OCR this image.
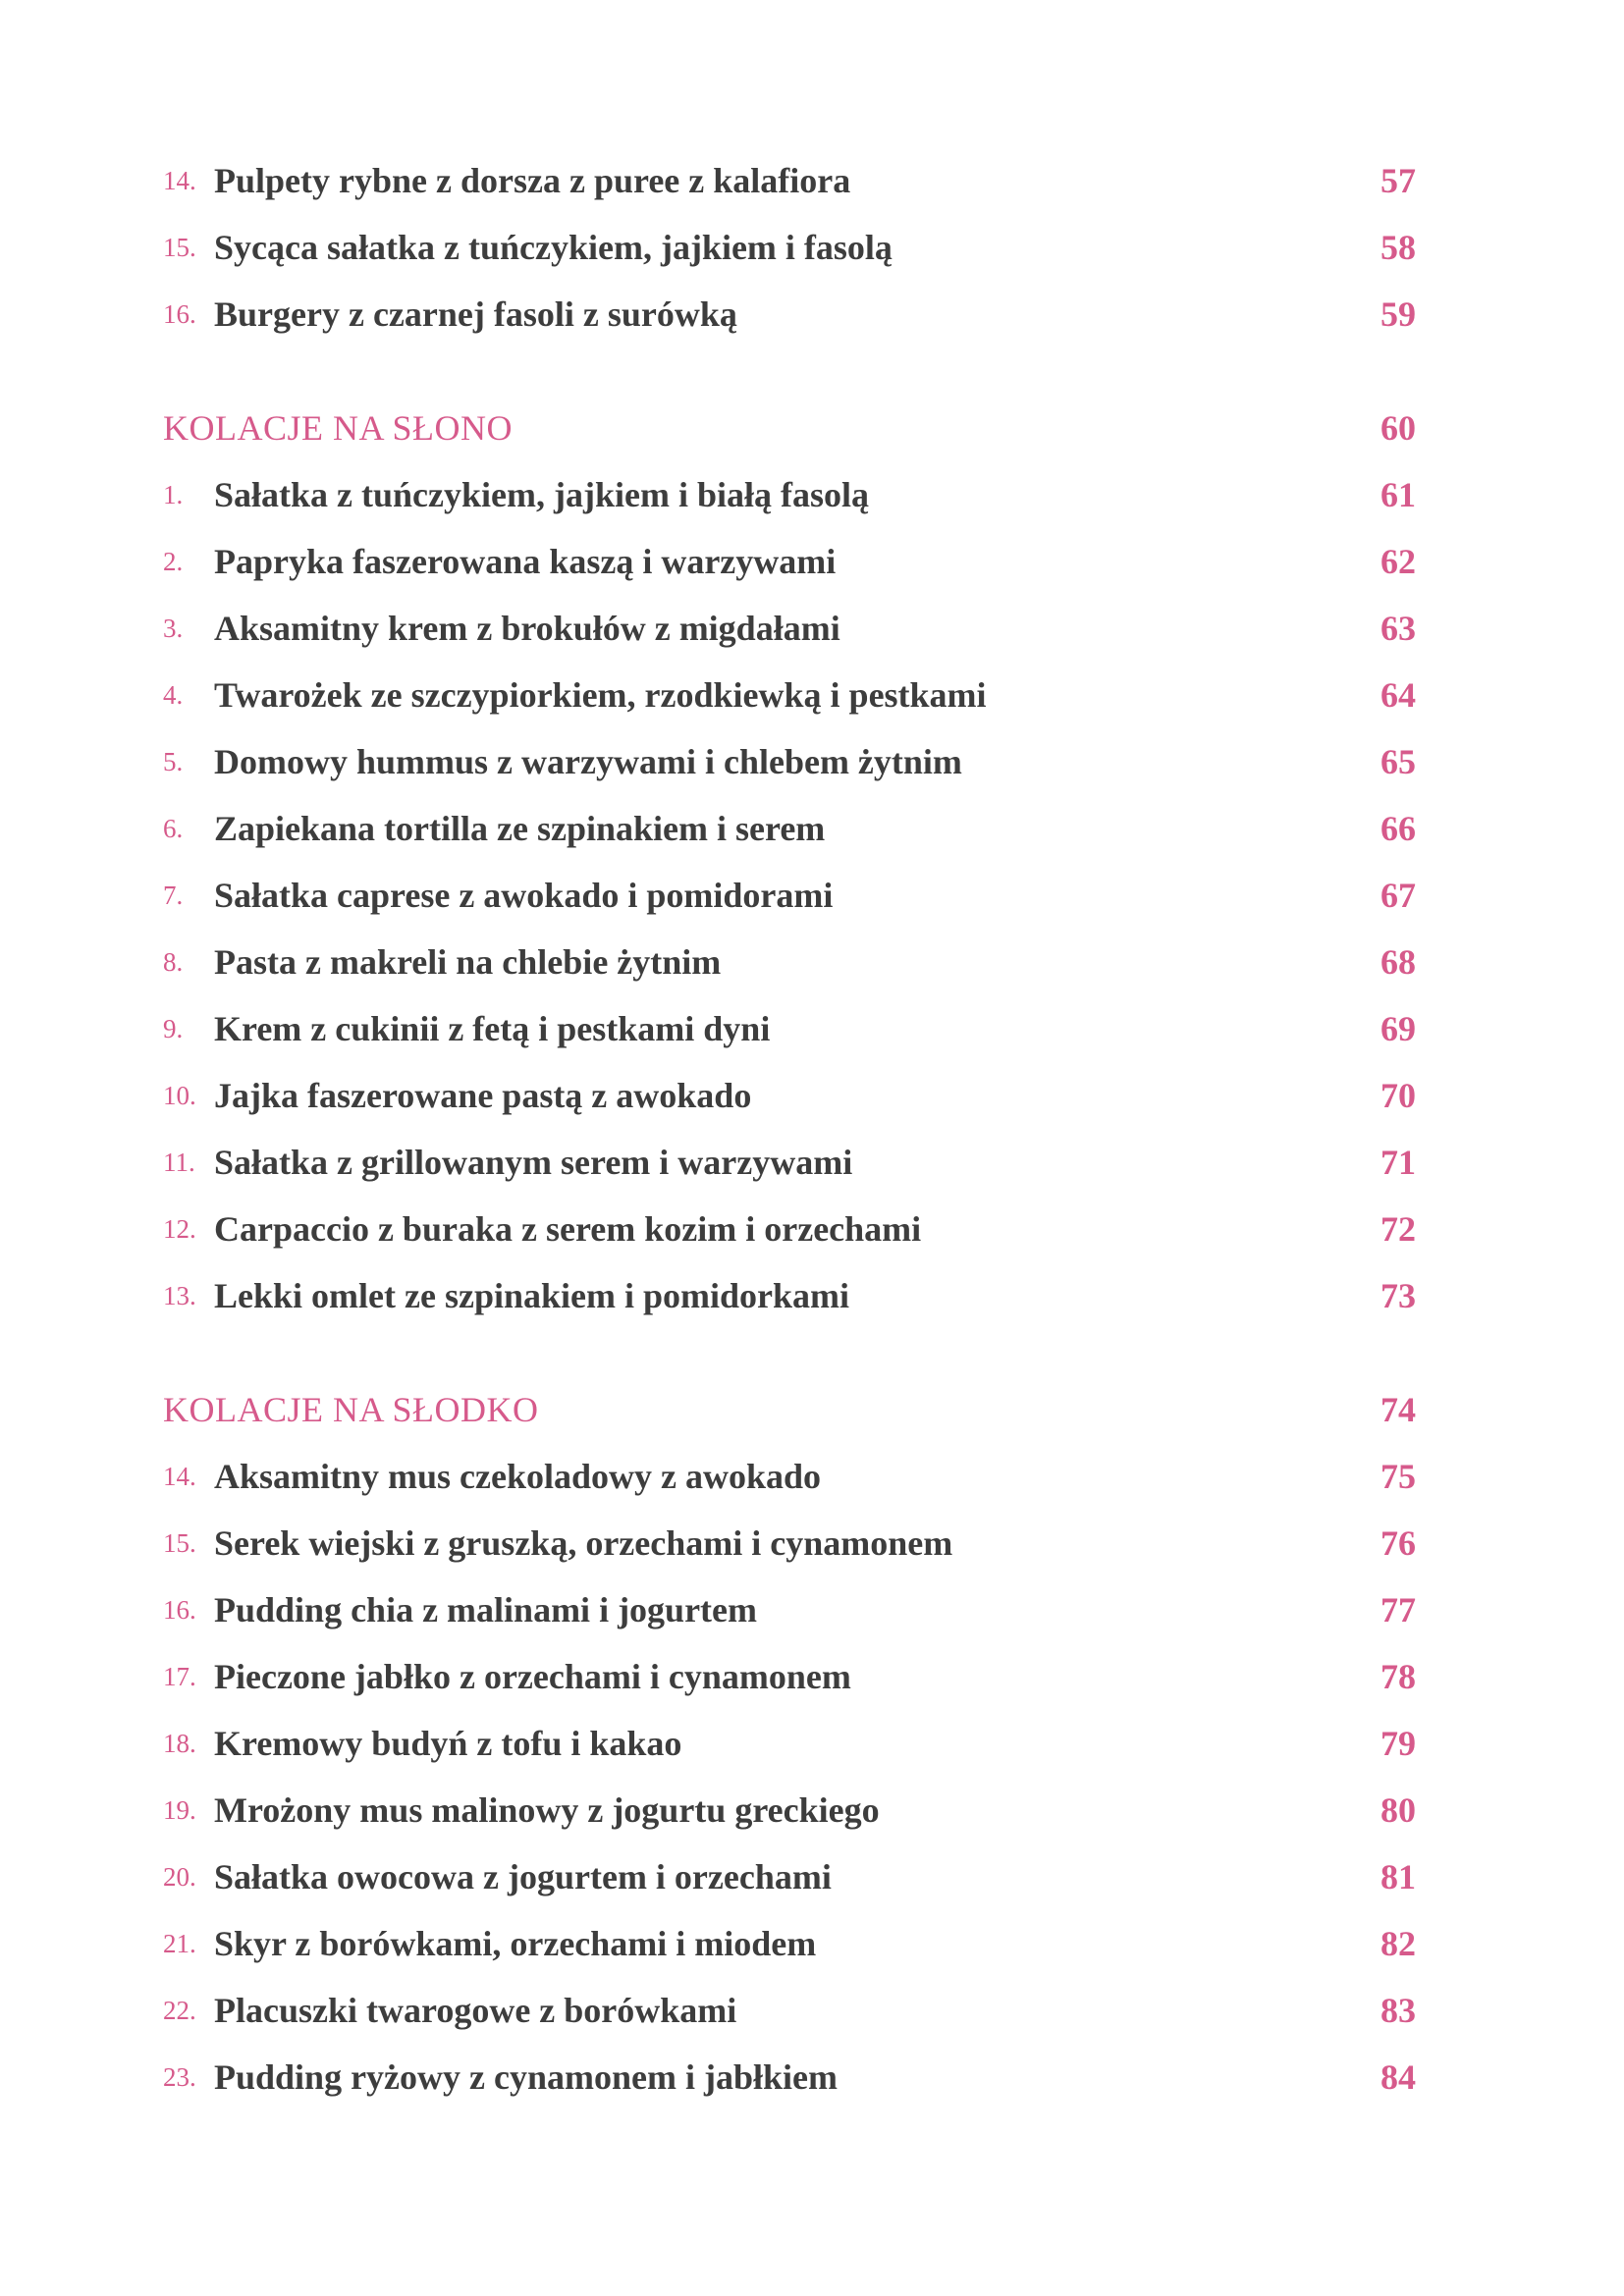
14. Pulpety rybne z dorsza z puree z kalafiora	57
15. Sycąca sałatka z tuńczykiem, jajkiem i fasolą	58
16. Burgery z czarnej fasoli z surówką	59
KOLACJE NA SŁONO	60
1. Sałatka z tuńczykiem, jajkiem i białą fasolą	61
2. Papryka faszerowana kaszą i warzywami	62
3. Aksamitny krem z brokułów z migdałami	63
4. Twarożek ze szczypiorkiem, rzodkiewką i pestkami	64
5. Domowy hummus z warzywami i chlebem żytnim	65
6. Zapiekana tortilla ze szpinakiem i serem	66
7. Sałatka caprese z awokado i pomidorami	67
8. Pasta z makreli na chlebie żytnim	68
9. Krem z cukinii z fetą i pestkami dyni	69
10. Jajka faszerowane pastą z awokado	70
11. Sałatka z grillowanym serem i warzywami	71
12. Carpaccio z buraka z serem kozim i orzechami	72
13. Lekki omlet ze szpinakiem i pomidorkami	73
KOLACJE NA SŁODKO	74
14. Aksamitny mus czekoladowy z awokado	75
15. Serek wiejski z gruszką, orzechami i cynamonem	76
16. Pudding chia z malinami i jogurtem	77
17. Pieczone jabłko z orzechami i cynamonem	78
18. Kremowy budyń z tofu i kakao	79
19. Mrożony mus malinowy z jogurtu greckiego	80
20. Sałatka owocowa z jogurtem i orzechami	81
21. Skyr z borówkami, orzechami i miodem	82
22. Placuszki twarogowe z borówkami	83
23. Pudding ryżowy z cynamonem i jabłkiem	84
